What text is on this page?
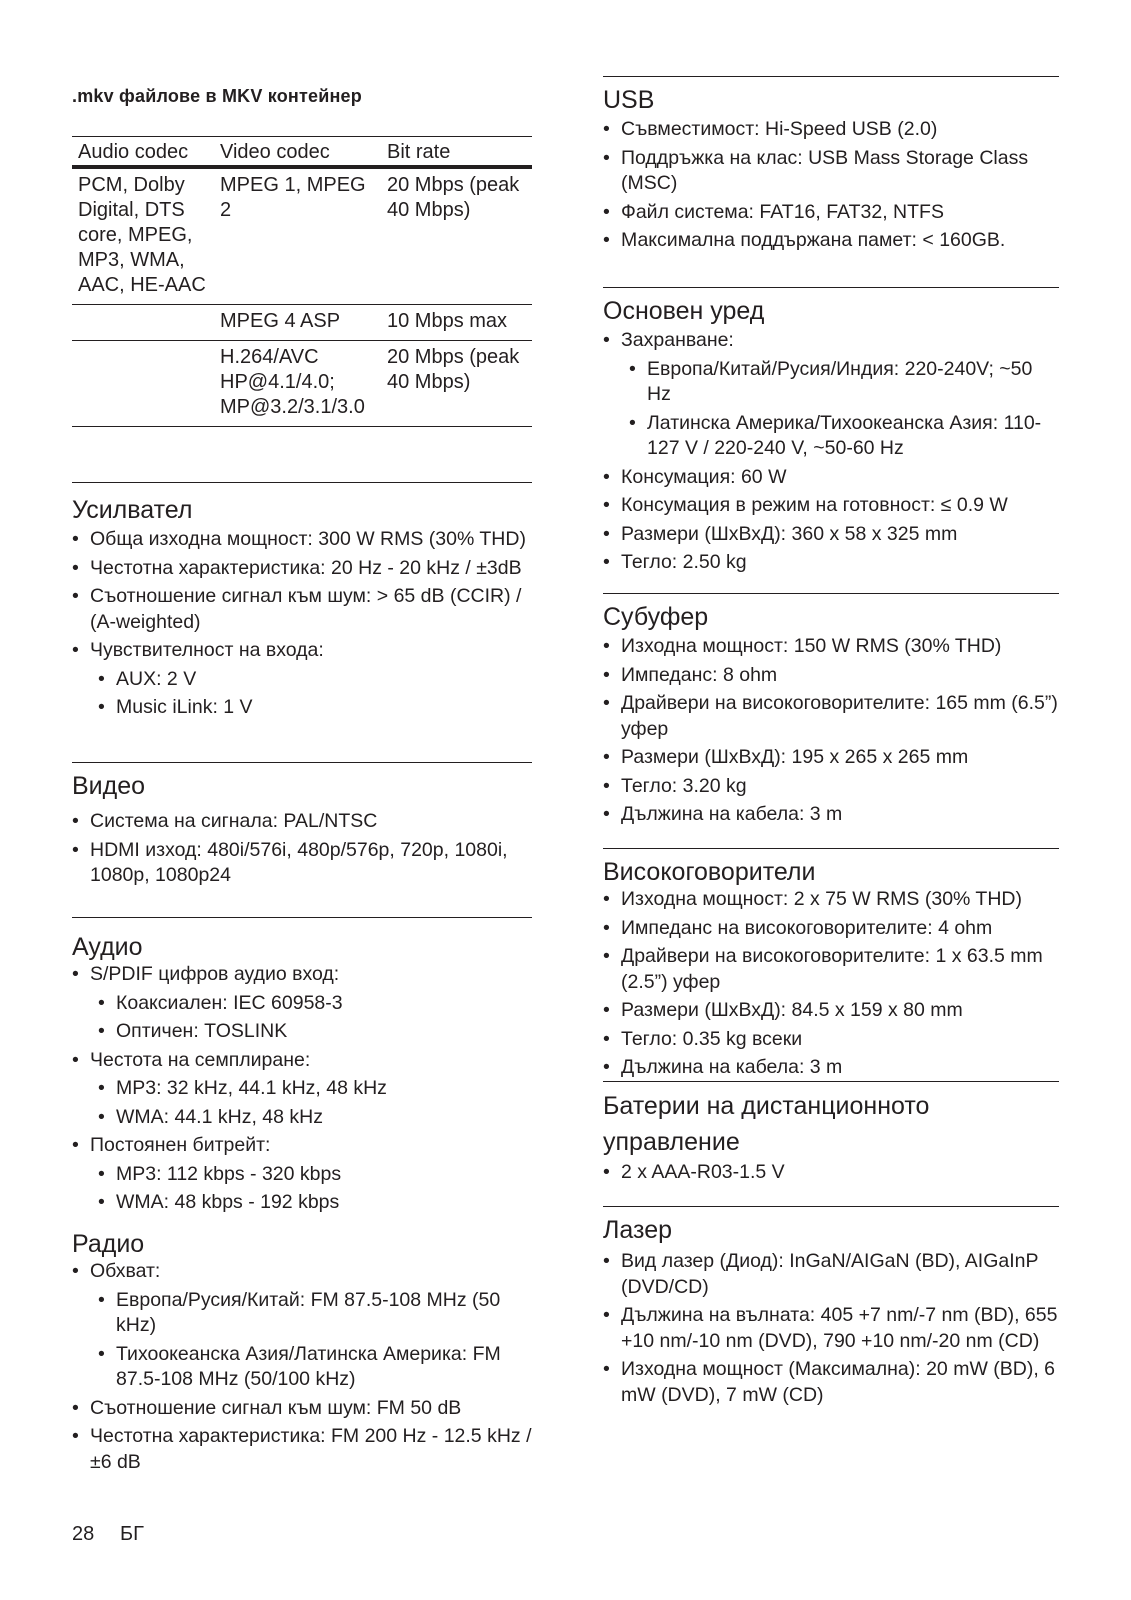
.mkv файлове в MKV контейнер
Audio codec	Video codec	Bit rate
PCM, Dolby Digital, DTS core, MPEG, MP3, WMA, AAC, HE-AAC	MPEG 1, MPEG 2	20 Mbps (peak 40 Mbps)
	MPEG 4 ASP	10 Mbps max
	H.264/AVC HP@4.1/4.0; MP@3.2/3.1/3.0	20 Mbps (peak 40 Mbps)
Усилвател
• Обща изходна мощност: 300 W RMS (30% THD)
• Честотна характеристика: 20 Hz - 20 kHz / ±3dB
• Съотношение сигнал към шум: > 65 dB (CCIR) / (A-weighted)
• Чувствителност на входа:
• AUX: 2 V
• Music iLink: 1 V
Видео
• Система на сигнала: PAL/NTSC
• HDMI изход: 480i/576i, 480p/576p, 720p, 1080i, 1080p, 1080p24
Аудио
• S/PDIF цифров аудио вход:
• Коаксиален: IEC 60958-3
• Оптичен: TOSLINK
• Честота на семплиране:
• MP3: 32 kHz, 44.1 kHz, 48 kHz
• WMA: 44.1 kHz, 48 kHz
• Постоянен битрейт:
• MP3: 112 kbps - 320 kbps
• WMA: 48 kbps - 192 kbps
Радио
• Обхват:
• Европа/Русия/Китай: FM 87.5-108 MHz (50 kHz)
• Тихоокеанска Азия/Латинска Америка: FM 87.5-108 MHz (50/100 kHz)
• Съотношение сигнал към шум: FM 50 dB
• Честотна характеристика: FM 200 Hz - 12.5 kHz / ±6 dB
USB
• Съвместимост: Hi-Speed USB (2.0)
• Поддръжка на клас: USB Mass Storage Class (MSC)
• Файл система: FAT16, FAT32, NTFS
• Максимална поддържана памет: < 160GB.
Основен уред
• Захранване:
• Европа/Китай/Русия/Индия: 220-240V; ~50 Hz
• Латинска Америка/Тихоокеанска Азия: 110-127 V / 220-240 V, ~50-60 Hz
• Консумация: 60 W
• Консумация в режим на готовност: ≤ 0.9 W
• Размери (ШхВхД): 360 x 58 x 325 mm
• Тегло: 2.50 kg
Субуфер
• Изходна мощност: 150 W RMS (30% THD)
• Импеданс: 8 ohm
• Драйвери на високоговорителите: 165 mm (6.5”) уфер
• Размери (ШхВхД): 195 x 265 x 265 mm
• Тегло: 3.20 kg
• Дължина на кабела: 3 m
Високоговорители
• Изходна мощност: 2 x 75 W RMS (30% THD)
• Импеданс на високоговорителите: 4 ohm
• Драйвери на високоговорителите: 1 x 63.5 mm (2.5”) уфер
• Размери (ШхВхД): 84.5 x 159 x 80 mm
• Тегло: 0.35 kg всеки
• Дължина на кабела: 3 m
Батерии на дистанционното управление
• 2 x AAA-R03-1.5 V
Лазер
• Вид лазер (Диод): InGaN/AIGaN (BD), AIGaInP (DVD/CD)
• Дължина на вълната: 405 +7 nm/-7 nm (BD), 655 +10 nm/-10 nm (DVD), 790 +10 nm/-20 nm (CD)
• Изходна мощност (Максимална): 20 mW (BD), 6 mW (DVD), 7 mW (CD)
28 БГ
